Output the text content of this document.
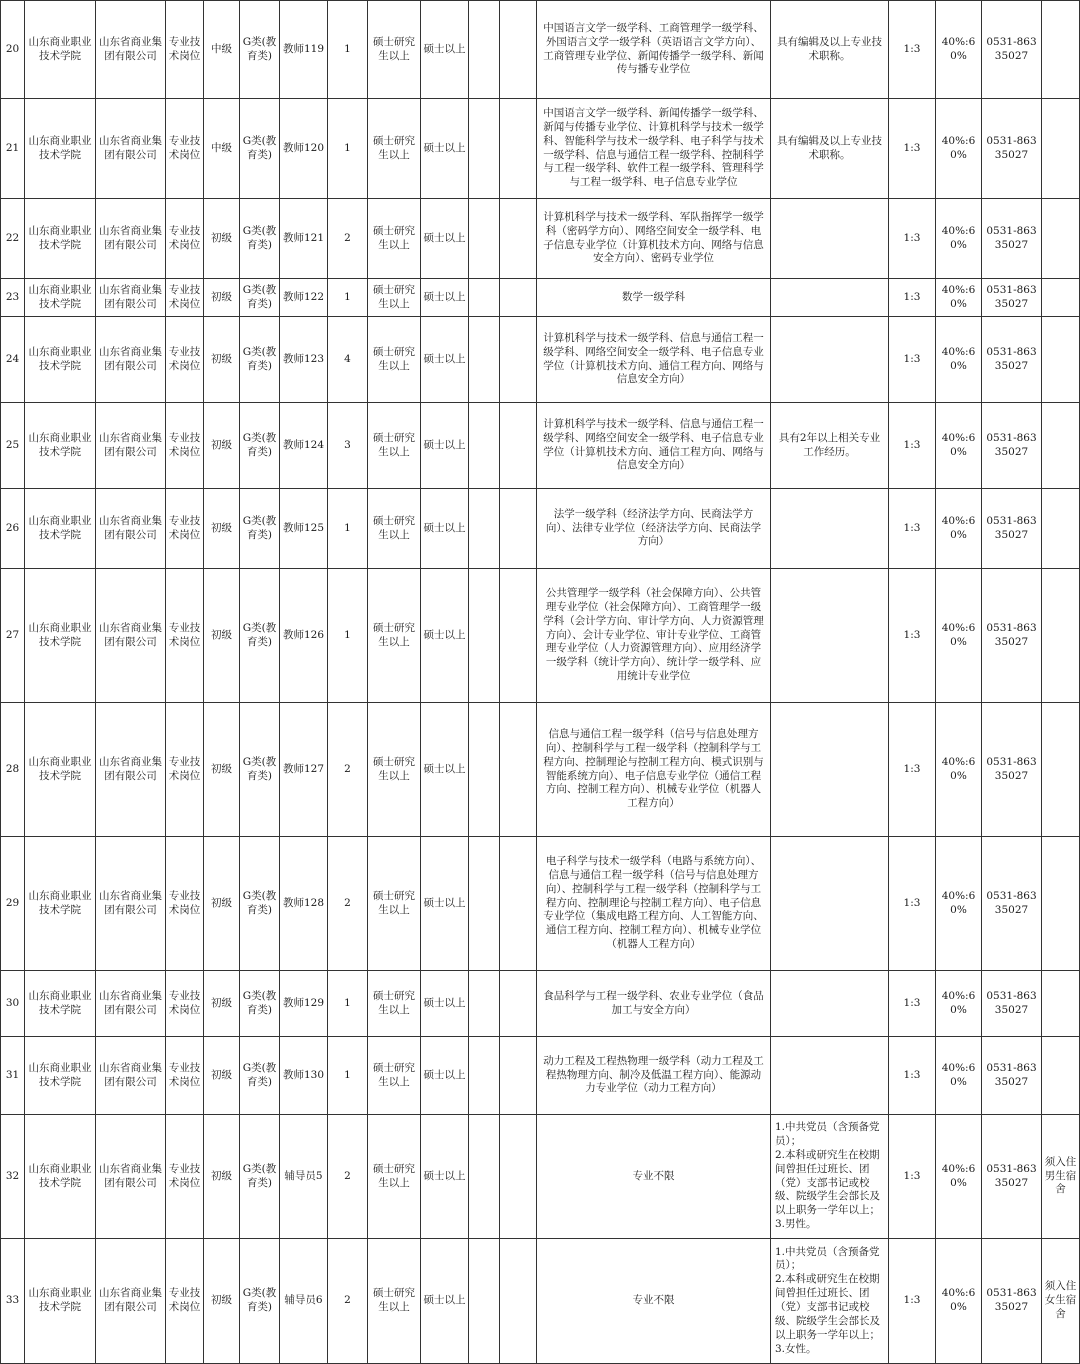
20	山东商业职业技术学院	山东省商业集团有限公司	专业技术岗位	中级	G类(教育类)	教师119	1	硕士研究生以上	硕士以上			中国语言文学一级学科、工商管理学一级学科、外国语言文学一级学科（英语语言文学方向）、工商管理专业学位、新闻传播学一级学科、新闻传与播专业学位	具有编辑及以上专业技术职称。	1:3	40%:60%	0531-86335027	
21	山东商业职业技术学院	山东省商业集团有限公司	专业技术岗位	中级	G类(教育类)	教师120	1	硕士研究生以上	硕士以上			中国语言文学一级学科、新闻传播学一级学科、新闻与传播专业学位、计算机科学与技术一级学科、智能科学与技术一级学科、电子科学与技术一级学科、信息与通信工程一级学科、控制科学与工程一级学科、软件工程一级学科、管理科学与工程一级学科、电子信息专业学位	具有编辑及以上专业技术职称。	1:3	40%:60%	0531-86335027	
22	山东商业职业技术学院	山东省商业集团有限公司	专业技术岗位	初级	G类(教育类)	教师121	2	硕士研究生以上	硕士以上			计算机科学与技术一级学科、军队指挥学一级学科（密码学方向）、网络空间安全一级学科、电子信息专业学位（计算机技术方向、网络与信息安全方向）、密码专业学位		1:3	40%:60%	0531-86335027	
23	山东商业职业技术学院	山东省商业集团有限公司	专业技术岗位	初级	G类(教育类)	教师122	1	硕士研究生以上	硕士以上			数学一级学科		1:3	40%:60%	0531-86335027	
24	山东商业职业技术学院	山东省商业集团有限公司	专业技术岗位	初级	G类(教育类)	教师123	4	硕士研究生以上	硕士以上			计算机科学与技术一级学科、信息与通信工程一级学科、网络空间安全一级学科、电子信息专业学位（计算机技术方向、通信工程方向、网络与信息安全方向）		1:3	40%:60%	0531-86335027	
25	山东商业职业技术学院	山东省商业集团有限公司	专业技术岗位	初级	G类(教育类)	教师124	3	硕士研究生以上	硕士以上			计算机科学与技术一级学科、信息与通信工程一级学科、网络空间安全一级学科、电子信息专业学位（计算机技术方向、通信工程方向、网络与信息安全方向）	具有2年以上相关专业工作经历。	1:3	40%:60%	0531-86335027	
26	山东商业职业技术学院	山东省商业集团有限公司	专业技术岗位	初级	G类(教育类)	教师125	1	硕士研究生以上	硕士以上			法学一级学科（经济法学方向、民商法学方向）、法律专业学位（经济法学方向、民商法学方向）		1:3	40%:60%	0531-86335027	
27	山东商业职业技术学院	山东省商业集团有限公司	专业技术岗位	初级	G类(教育类)	教师126	1	硕士研究生以上	硕士以上			公共管理学一级学科（社会保障方向）、公共管理专业学位（社会保障方向）、工商管理学一级学科（会计学方向、审计学方向、人力资源管理方向）、会计专业学位、审计专业学位、工商管理专业学位（人力资源管理方向）、应用经济学一级学科（统计学方向）、统计学一级学科、应用统计专业学位		1:3	40%:60%	0531-86335027	
28	山东商业职业技术学院	山东省商业集团有限公司	专业技术岗位	初级	G类(教育类)	教师127	2	硕士研究生以上	硕士以上			信息与通信工程一级学科（信号与信息处理方向）、控制科学与工程一级学科（控制科学与工程方向、控制理论与控制工程方向、模式识别与智能系统方向）、电子信息专业学位（通信工程方向、控制工程方向）、机械专业学位（机器人工程方向）		1:3	40%:60%	0531-86335027	
29	山东商业职业技术学院	山东省商业集团有限公司	专业技术岗位	初级	G类(教育类)	教师128	2	硕士研究生以上	硕士以上			电子科学与技术一级学科（电路与系统方向）、信息与通信工程一级学科（信号与信息处理方向）、控制科学与工程一级学科（控制科学与工程方向、控制理论与控制工程方向）、电子信息专业学位（集成电路工程方向、人工智能方向、通信工程方向、控制工程方向）、机械专业学位（机器人工程方向）		1:3	40%:60%	0531-86335027	
30	山东商业职业技术学院	山东省商业集团有限公司	专业技术岗位	初级	G类(教育类)	教师129	1	硕士研究生以上	硕士以上			食品科学与工程一级学科、农业专业学位（食品加工与安全方向）		1:3	40%:60%	0531-86335027	
31	山东商业职业技术学院	山东省商业集团有限公司	专业技术岗位	初级	G类(教育类)	教师130	1	硕士研究生以上	硕士以上			动力工程及工程热物理一级学科（动力工程及工程热物理方向、制冷及低温工程方向）、能源动力专业学位（动力工程方向）		1:3	40%:60%	0531-86335027	
32	山东商业职业技术学院	山东省商业集团有限公司	专业技术岗位	初级	G类(教育类)	辅导员5	2	硕士研究生以上	硕士以上			专业不限	1.中共党员（含预备党员）；
2.本科或研究生在校期间曾担任过班长、团（党）支部书记或校级、院级学生会部长及以上职务一学年以上；
3.男性。	1:3	40%:60%	0531-86335027	须入住男生宿舍
33	山东商业职业技术学院	山东省商业集团有限公司	专业技术岗位	初级	G类(教育类)	辅导员6	2	硕士研究生以上	硕士以上			专业不限	1.中共党员（含预备党员）；
2.本科或研究生在校期间曾担任过班长、团（党）支部书记或校级、院级学生会部长及以上职务一学年以上；
3.女性。	1:3	40%:60%	0531-86335027	须入住女生宿舍
